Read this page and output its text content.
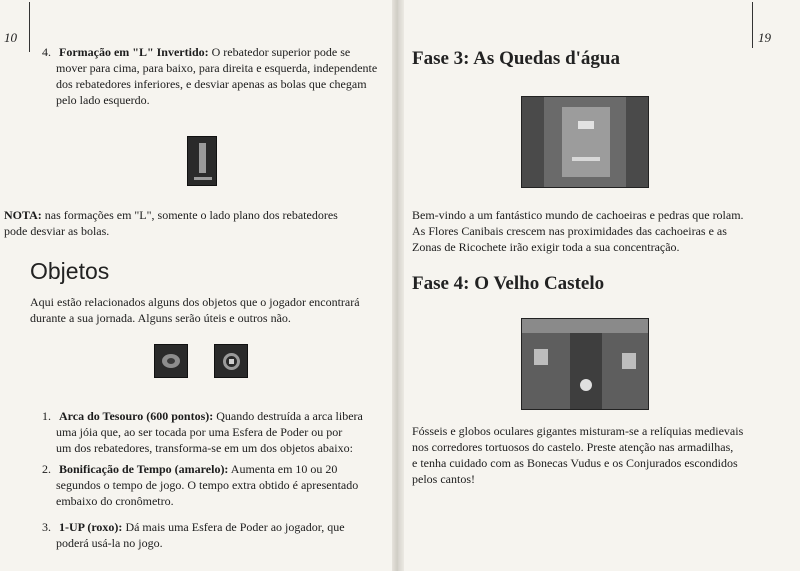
10
4. Formação em "L" Invertido: O rebatedor superior pode se
mover para cima, para baixo, para direita e esquerda, independente
dos rebatedores inferiores, e desviar apenas as bolas que chegam
pelo lado esquerdo.
NOTA: nas formações em "L", somente o lado plano dos rebatedores
pode desviar as bolas.
Objetos
Aqui estão relacionados alguns dos objetos que o jogador encontrará
durante a sua jornada. Alguns serão úteis e outros não.
1. Arca do Tesouro (600 pontos): Quando destruída a arca libera
uma jóia que, ao ser tocada por uma Esfera de Poder ou por
um dos rebatedores, transforma-se em um dos objetos abaixo:
2. Bonificação de Tempo (amarelo): Aumenta em 10 ou 20
segundos o tempo de jogo. O tempo extra obtido é apresentado
embaixo do cronômetro.
3. 1-UP (roxo): Dá mais uma Esfera de Poder ao jogador, que
poderá usá-la no jogo.
19
Fase 3: As Quedas d'água
Bem-vindo a um fantástico mundo de cachoeiras e pedras que rolam.
As Flores Canibais crescem nas proximidades das cachoeiras e as
Zonas de Ricochete irão exigir toda a sua concentração.
Fase 4: O Velho Castelo
Fósseis e globos oculares gigantes misturam-se a relíquias medievais
nos corredores tortuosos do castelo. Preste atenção nas armadilhas,
e tenha cuidado com as Bonecas Vudus e os Conjurados escondidos
pelos cantos!
